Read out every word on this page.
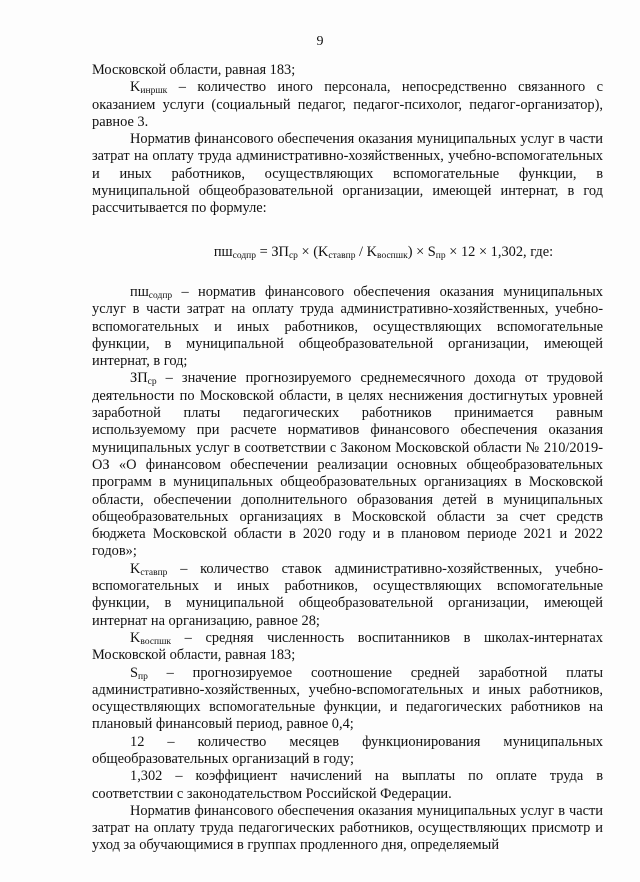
9

Московской области, равная 183;

$K_{инршк}$ – количество иного персонала, непосредственно связанного с оказанием услуги (социальный педагог, педагог-психолог, педагог-организатор), равное 3.

Норматив финансового обеспечения оказания муниципальных услуг в части затрат на оплату труда административно-хозяйственных, учебно-вспомогательных и иных работников, осуществляющих вспомогательные функции, в муниципальной общеобразовательной организации, имеющей интернат, в год рассчитывается по формуле:

$пш_{содпр} = ЗП_{ср} \times (K_{ставпр} / K_{воспшк}) \times S_{пр} \times 12 \times 1,302$, где:

$пш_{содпр}$ – норматив финансового обеспечения оказания муниципальных услуг в части затрат на оплату труда административно-хозяйственных, учебно-вспомогательных и иных работников, осуществляющих вспомогательные функции, в муниципальной общеобразовательной организации, имеющей интернат, в год;

$ЗП_{ср}$ – значение прогнозируемого среднемесячного дохода от трудовой деятельности по Московской области, в целях неснижения достигнутых уровней заработной платы педагогических работников принимается равным используемому при расчете нормативов финансового обеспечения оказания муниципальных услуг в соответствии с Законом Московской области № 210/2019-ОЗ «О финансовом обеспечении реализации основных общеобразовательных программ в муниципальных общеобразовательных организациях в Московской области, обеспечении дополнительного образования детей в муниципальных общеобразовательных организациях в Московской области за счет средств бюджета Московской области в 2020 году и в плановом периоде 2021 и 2022 годов»;

$K_{ставпр}$ – количество ставок административно-хозяйственных, учебно-вспомогательных и иных работников, осуществляющих вспомогательные функции, в муниципальной общеобразовательной организации, имеющей интернат на организацию, равное 28;

$K_{воспшк}$ – средняя численность воспитанников в школах-интернатах Московской области, равная 183;

$S_{пр}$ – прогнозируемое соотношение средней заработной платы административно-хозяйственных, учебно-вспомогательных и иных работников, осуществляющих вспомогательные функции, и педагогических работников на плановый финансовый период, равное 0,4;

12 – количество месяцев функционирования муниципальных общеобразовательных организаций в году;

1,302 – коэффициент начислений на выплаты по оплате труда в соответствии с законодательством Российской Федерации.

Норматив финансового обеспечения оказания муниципальных услуг в части затрат на оплату труда педагогических работников, осуществляющих присмотр и уход за обучающимися в группах продленного дня, определяемый
